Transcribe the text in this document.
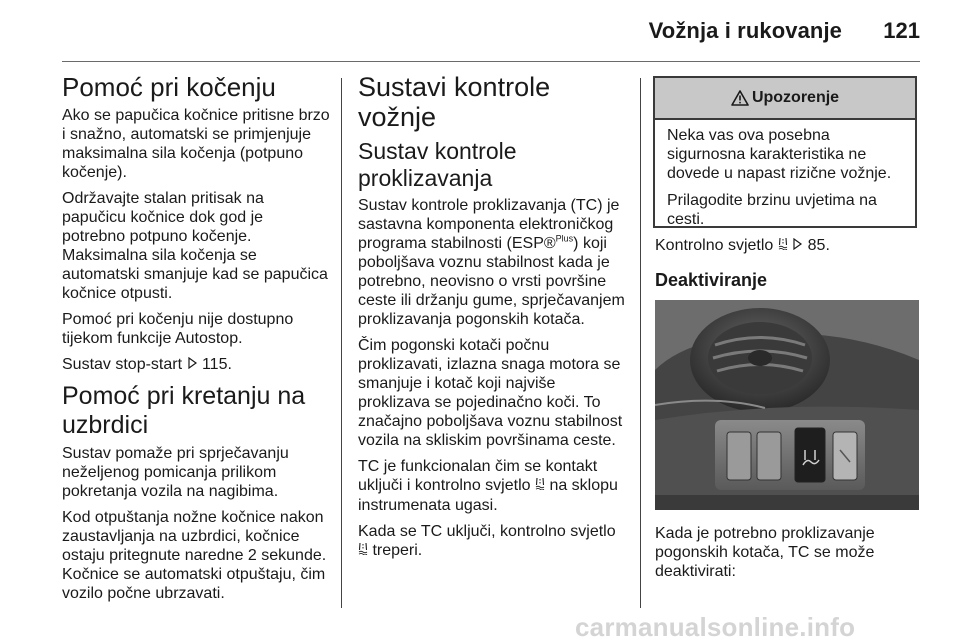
Vožnja i rukovanje 121
Pomoć pri kočenju

Ako se papučica kočnice pritisne brzo i snažno, automatski se primjenjuje maksimalna sila kočenja (potpuno kočenje).

Održavajte stalan pritisak na papučicu kočnice dok god je potrebno potpuno kočenje. Maksimalna sila kočenja se automatski smanjuje kad se papučica kočnice otpusti.

Pomoć pri kočenju nije dostupno tijekom funkcije Autostop.

Sustav stop-start 115.

Pomoć pri kretanju na uzbrdici

Sustav pomaže pri sprječavanju neželjenog pomicanja prilikom pokretanja vozila na nagibima.

Kod otpuštanja nožne kočnice nakon zaustavljanja na uzbrdici, kočnice ostaju pritegnute naredne 2 sekunde. Kočnice se automatski otpuštaju, čim vozilo počne ubrzavati.

Sustavi kontrole vožnje
Sustav kontrole proklizavanja

Sustav kontrole proklizavanja (TC) je sastavna komponenta elektroničkog programa stabilnosti (ESP®$^{Plus}$) koji poboljšava voznu stabilnost kada je potrebno, neovisno o vrsti površine ceste ili držanju gume, sprječavanjem proklizavanja pogonskih kotača.

Čim pogonski kotači počnu proklizavati, izlazna snaga motora se smanjuje i kotač koji najviše proklizava se pojedinačno koči. To značajno poboljšava voznu stabilnost vozila na skliskim površinama ceste.

TC je funkcionalan čim se kontakt uključi i kontrolno svjetlo na sklopu instrumenata ugasi.

Kada se TC uključi, kontrolno svjetlo
treperi.

Upozorenje

Neka vas ova posebna sigurnosna karakteristika ne dovede u napast rizične vožnje.

Prilagodite brzinu uvjetima na cesti.

Kontrolno svjetlo 85.

Deaktiviranje

Kada je potrebno proklizavanje pogonskih kotača, TC se može deaktivirati:

carmanualsonline.info
